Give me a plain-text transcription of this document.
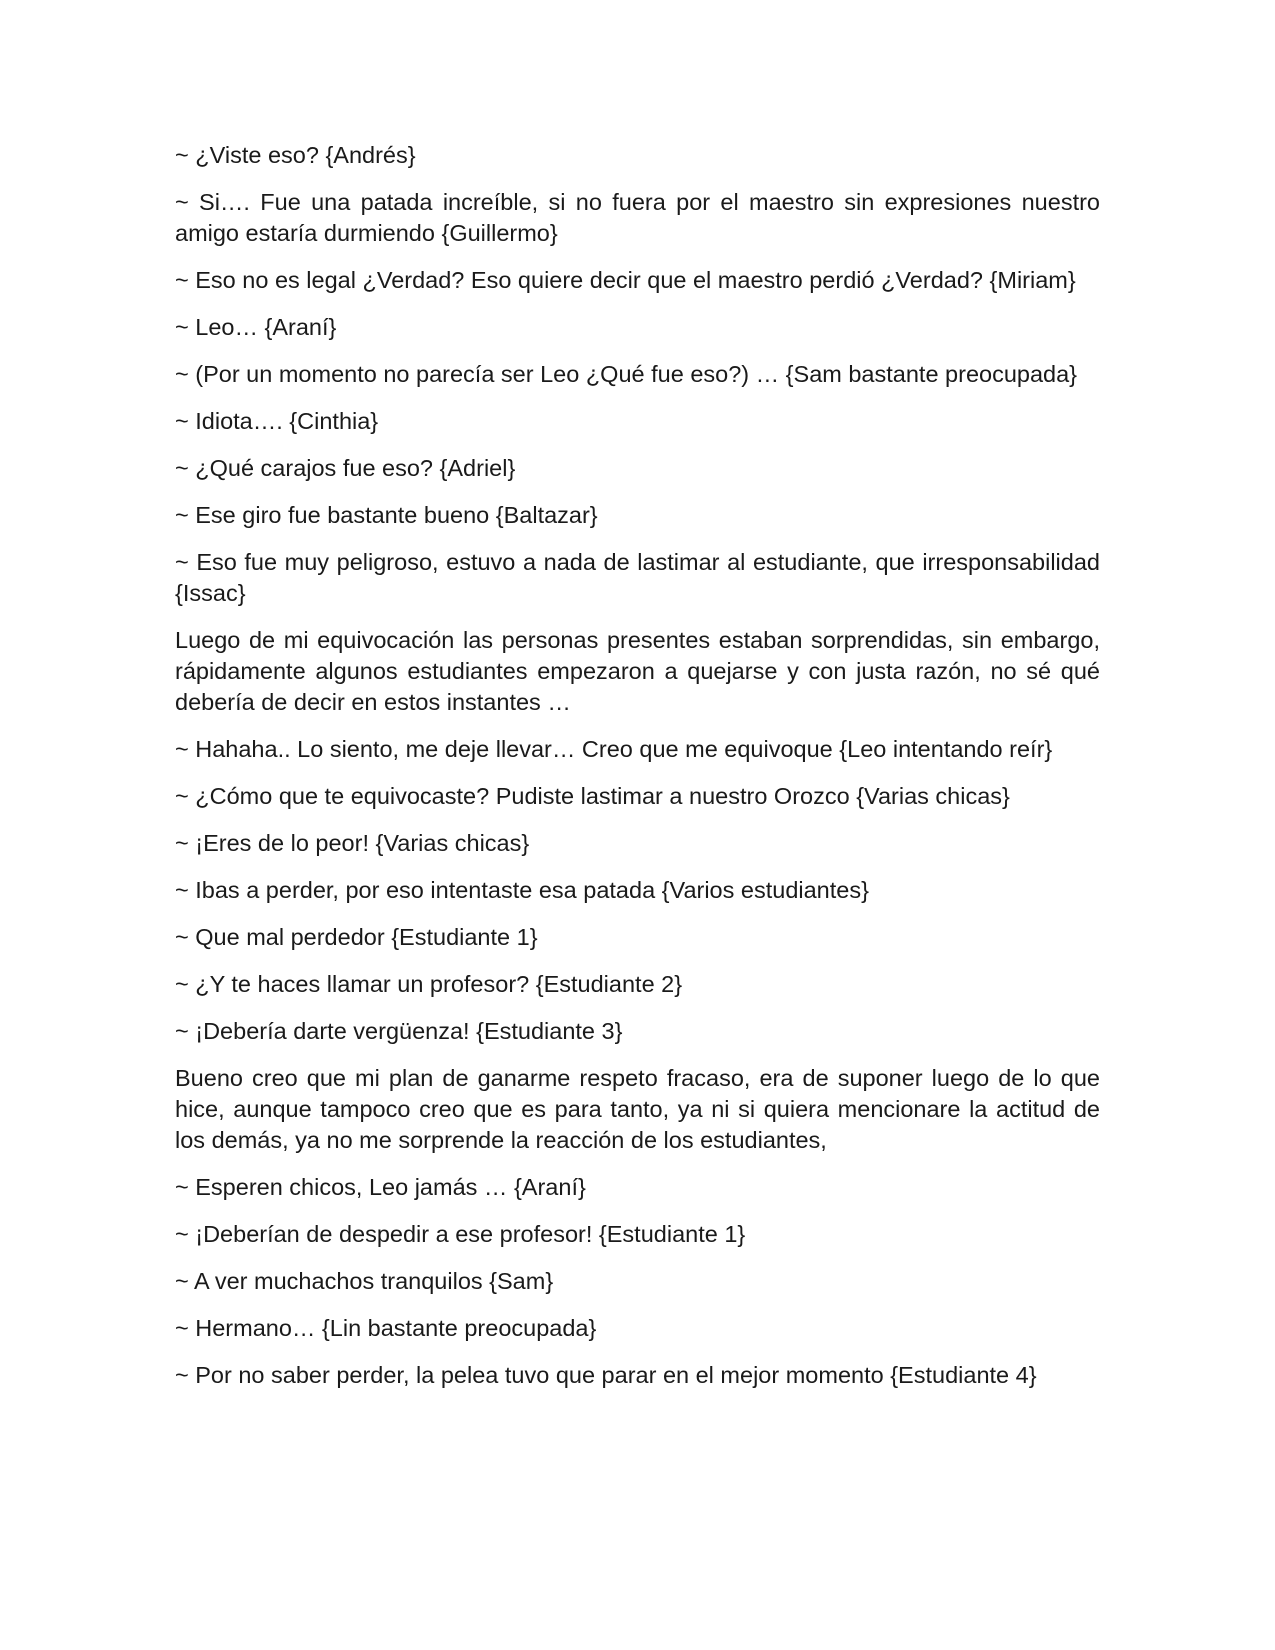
~ ¿Viste eso? {Andrés}

~ Si…. Fue una patada increíble, si no fuera por el maestro sin expresiones nuestro amigo estaría durmiendo {Guillermo}

~ Eso no es legal ¿Verdad? Eso quiere decir que el maestro perdió ¿Verdad? {Miriam}

~ Leo… {Araní}

~ (Por un momento no parecía ser Leo ¿Qué fue eso?) … {Sam bastante preocupada}

~ Idiota…. {Cinthia}

~ ¿Qué carajos fue eso? {Adriel}

~ Ese giro fue bastante bueno {Baltazar}

~ Eso fue muy peligroso, estuvo a nada de lastimar al estudiante, que irresponsabilidad {Issac}

Luego de mi equivocación las personas presentes estaban sorprendidas, sin embargo, rápidamente algunos estudiantes empezaron a quejarse y con justa razón, no sé qué debería de decir en estos instantes …

~ Hahaha.. Lo siento, me deje llevar… Creo que me equivoque {Leo intentando reír}

~ ¿Cómo que te equivocaste? Pudiste lastimar a nuestro Orozco {Varias chicas}

~ ¡Eres de lo peor! {Varias chicas}

~ Ibas a perder, por eso intentaste esa patada {Varios estudiantes}

~ Que mal perdedor {Estudiante 1}

~ ¿Y te haces llamar un profesor? {Estudiante 2}

~ ¡Debería darte vergüenza! {Estudiante 3}

Bueno creo que mi plan de ganarme respeto fracaso, era de suponer luego de lo que hice, aunque tampoco creo que es para tanto, ya ni si quiera mencionare la actitud de los demás, ya no me sorprende la reacción de los estudiantes,

~ Esperen chicos, Leo jamás … {Araní}

~ ¡Deberían de despedir a ese profesor! {Estudiante 1}

~ A ver muchachos tranquilos {Sam}

~ Hermano… {Lin bastante preocupada}

~ Por no saber perder, la pelea tuvo que parar en el mejor momento {Estudiante 4}
